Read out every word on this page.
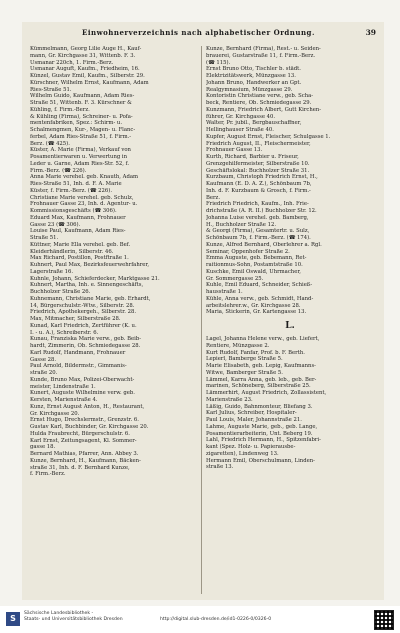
Einwohnerverzeichnis nach alphabetischer Ordnung.	39
Kümmelmann, Georg Lilie Auge H., Kauf-
mann, Gr. Kirchgasse 31, Wittenb. F. 3.
Usmanar 220ch, 1. Firm.-Berz.
Usmanar Auguft, Kaufm., Friedheim, 16.
Künzel, Gustav Emil, Kaufm., Silberstr. 29.
Kürschner, Wilhelm Ernst, Kaufmann, Adam
Ries-Straße 51.
Wilhelm Guido, Kaufmann, Adam Ries-
Straße 51, Wittenb. F. 3. Kürschner &
Kühling, f. Firm.-Berz.
& Kühling (Firma), Schreiner- u. Pofa-
mentenfabriken, Spez.: Schirm- u.
Schalmengmen, Kur-, Magen- u. Flanc-
ferbel, Adam Ries-Straße 51, f. Firm.-
Berz. (☎ 425).
Küster, A. Marie (Firma), Verkauf von
Posamentierwaren u. Verwertung in
Leder u. Garne, Adam Ries-Str. 52, f.
Firm.-Berz. (☎ 226).
Anna Marie verehel. geb. Knauth, Adam
Ries-Straße 51, Inh. d. F. A. Marie
Küster, f. Firm.-Berz. (☎ 226).
Christiane Marie verehel. geb. Schulz,
Frohnauer Gasse 23, Inh. d. Agentur- u.
Kommissionsgeschäfts (☎ 306).
Eduard Max, Kaufmann, Frohnauer
Gasse 23 (☎ 306).
Louise Paul, Kaufmann, Adam Ries-
Straße 51.
Küttner, Marie Ella verehel. geb. Bef.
Kleiderhändlerin, Silberstr. 46.
Max Richard, Postillon, Postftraße 1.
Kuhnert, Paul Max, Bezirksfeuerwehrfahrer,
Lagerstraße 16.
Kuhnle, Johann, Schieferdecker, Marktgasse 21.
Kuhnert, Martha, Inh. e. Sinnengeschäfts,
Buchholzer Straße 26.
Kuhnemann, Christiane Marie, geb. Erhardt,
14, Bürgerschulstr.-Wtw., Silberstr. 28.
Friedrich, Apothekergeh., Silberstr. 28.
Max, Mitmacher, Silberstraße 28.
Kunad, Karl Friedrich, Zertführer (K. u.
I. - u. A.), Schreiberstr. 6.
Kunau, Franziska Marie verw., geb. Beib-
hardt, Zimmerin, Ob. Schmiedegasse 28.
Karl Rudolf, Handmann, Frohnauer
Gasse 28.
Paul Arnold, Bildermstr., Gimmanis-
straße 20.
Kunde, Bruno Max, Polizei-Oberwacht-
meister, Lindenstraße 1.
Kunert, Auguste Wilhelmine verw. geb.
Kersten, Marienstraße 4.
Kunz, Ernst August Anton, H., Restaurant,
Gr. Kirchgasse 20.
Ernst Hugo, Drechslermstr., Grenzstr. 6.
Gustav Karl, Buchbinder, Gr. Kirchgasse 20.
Hulda Fraubrecht, Bürgerschulstr. 6.
Karl Ernst, Zeitungsagent, Kl. Sommer-
gasse 18.
Bernard Mathias, Pfarrer, Ann. Abbey 3.
Kunze, Bernhard, H., Kaufmann, Bäcken-
straße 31, Inh. d. F. Bernhard Kunze,
f. Firm.-Berz.
Kunze, Bernhard (Firma), Rest.- u. Seiden-
brauerei, Gustarstraße 11, f. Firm.-Berz.
(☎ 115).
Ernst Bruno Otto, Tischler b. städt.
Elektrizitätswerk, Münzgasse 13.
Johann Bruno, Handwerker an Gpt.
Realgymnasium, Münzgasse 29.
Kontoristin Christiane verw., geb. Scha-
beck, Rentiere, Ob. Schmiedegasse 29.
Kunzmann, Friedrich Albert, Gutt Kirchen-
führer, Gr. Kirchgasse 40.
Walter, Pr. jubil., Bergbauschaffner,
Hellinghauser Straße 40.
Kupfer, August Ernst, Fleischer, Schulgasse 1.
Friedrich August, II., Fleischermeister,
Frohnauer Gasse 13.
Kurth, Richard, Barbier u. Friseur,
Grenzgehilfermeister, Silberstraße 10.
Geschäftslokal: Buchholzer Straße 31.
Kurzbaum, Christoph Friedrich Ernst, H.,
Kaufmann (E. D. A. Z.), Schönbaum 7b,
Inh. d. F. Kurzbaum & Grosch, f. Firm.-
Berz.
Friedrich Friedrich, Kaufm., Inh. Frie-
drichstraße (A. R. II.) Buchholzer Str. 12.
Johanna Luise verehel. geb. Bamberg,
H., Buchholzer Straße 12.
& Georgi (Firma), Gesamtertr. u. Sulz,
Schönbaum 7b, f. Firm.-Berz. (☎ 174).
Kunze, Alfred Bernhard, Oberlehrer a. Rgl.
Seminar, Oppenhofer Straße 2.
Emma Auguste, geb. Bebemann, Ret-
raitionmus-Sohn, Postamtstraße 10.
Kuschke, Emil Oswald, Uhrmacher,
Gr. Sommergasse 25.
Kuhle, Emil Eduard, Schneider, Schieß-
hausstraße 1.
Kühle, Anna verw., geb. Schmidt, Hand-
arbeitslehrer.w., Gr. Kirchgasse 28.
Maria, Stickerin, Gr. Kartengasse 13.
L.
Lagel, Johanna Helene verw., geb. Liefert,
Rentiere, Münzgasse 2.
Kurt Rudolf, Fanfar, Prof. b. F. Berth.
Lepierl, Bamberge Straße 5.
Marie Elisabeth, geb. Lepig, Kaufmanns-
Witwe, Bamberger Straße 5.
Lämmel, Karra Anna, geb. leb., geb. Ber-
marinen, Schöneberg, Silberstraße 25.
Lämmerhirt, August Friedrich, Zollassistent,
Marienstraße 23.
Läßig, Guido, Bahnmonteur, Bliefang 3.
Karl Julius, Schreiber, Hospitaler-
Paul Louis, Maler, Johannstraße 21.
Lahme, Auguste Marie, geb., geb. Lange,
Posamentierarbeiterin, Unt. Beberg 19.
Lahl, Friedrich Hermann, H., Spitzenfabri-
kant (Spez. Holz- u. Papierausbe-
zigaretten), Lindenweg 13.
Hermann Emil, Oberschulmann, Linden-
straße 13.
S
Sächsische Landesbibliothek -
Staats- und Universitätsbibliothek Dresden	http://digital.slub-dresden.de/id1-0226-0/0326-0
